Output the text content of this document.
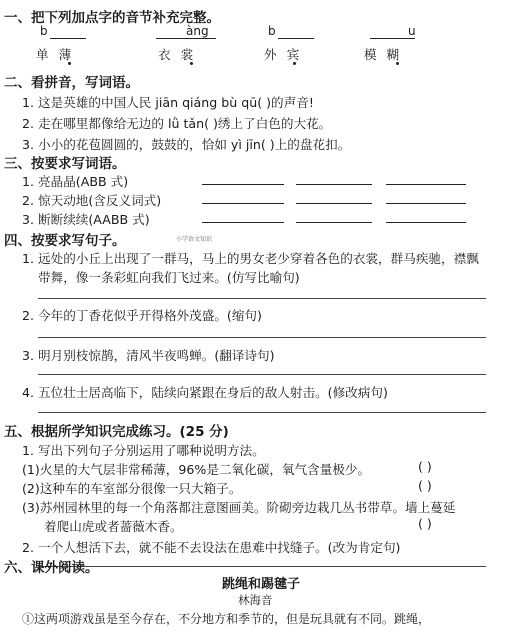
一、把下列加点字的音节补充完整。
b	àng	b	u
单 薄	衣 裳	外 宾	模 糊
二、看拼音，写词语。
1. 这是英雄的中国人民 jiān qiáng bù qū( )的声音!
2. 走在哪里都像给无边的 lǜ tǎn( )绣上了白色的大花。
3. 小小的花苞圆圆的，鼓鼓的，恰如 yì jīn( )上的盘花扣。
三、按要求写词语。
1. 亮晶晶(ABB 式)
2. 惊天动地(含反义词式)
3. 断断续续(AABB 式)
四、按要求写句子。	小学语文知识
1. 远处的小丘上出现了一群马，马上的男女老少穿着各色的衣裳，群马疾驰，襟飘
带舞，像一条彩虹向我们飞过来。(仿写比喻句)
2. 今年的丁香花似乎开得格外茂盛。(缩句)
3. 明月别枝惊鹊，清风半夜鸣蝉。(翻译诗句)
4. 五位壮士居高临下，陆续向紧跟在身后的敌人射击。(修改病句)
五、根据所学知识完成练习。(25 分)
1. 写出下列句子分别运用了哪种说明方法。
(1)火星的大气层非常稀薄，96%是二氧化碳，氧气含量极少。	( )
(2)这种车的车室部分很像一只大箱子。	( )
(3)苏州园林里的每一个角落都注意图画美。阶砌旁边栽几丛书带草。墙上蔓延
着爬山虎或者蔷薇木香。	( )
2. 一个人想活下去，就不能不去设法在患难中找缝子。(改为肯定句)
六、课外阅读。
跳绳和踢毽子
林海音
①这两项游戏虽是至今存在，不分地方和季节的，但是玩具就有不同。跳绳，
